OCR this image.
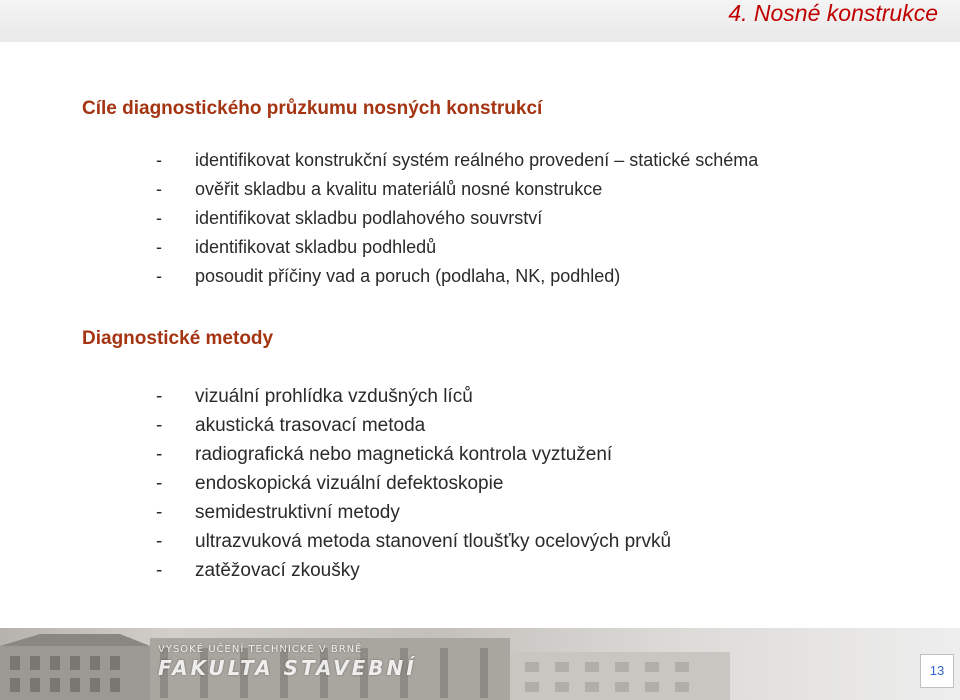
4. Nosné konstrukce
Cíle diagnostického průzkumu nosných konstrukcí
- identifikovat konstrukční systém reálného provedení – statické schéma
- ověřit skladbu a kvalitu materiálů nosné konstrukce
- identifikovat skladbu podlahového souvrství
- identifikovat skladbu podhledů
- posoudit příčiny vad a poruch (podlaha, NK, podhled)
Diagnostické metody
- vizuální prohlídka vzdušných líců
- akustická trasovací metoda
- radiografická nebo magnetická kontrola vyztužení
- endoskopická vizuální defektoskopie
- semidestruktivní metody
- ultrazvuková metoda stanovení tloušťky ocelových prvků
- zatěžovací zkoušky
VYSOKÉ UČENÍ TECHNICKÉ V BRNĚ
FAKULTA STAVEBNÍ	13
